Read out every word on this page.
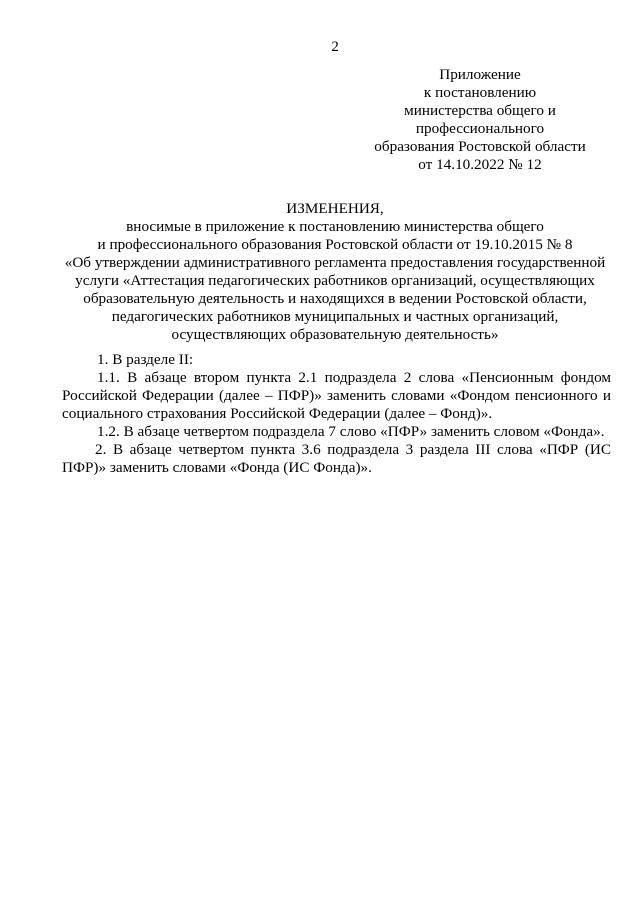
2
Приложение
к постановлению
министерства общего и
профессионального
образования Ростовской области
от 14.10.2022 № 12
ИЗМЕНЕНИЯ,
вносимые в приложение к постановлению министерства общего
и профессионального образования Ростовской области от 19.10.2015 № 8
«Об утверждении административного регламента предоставления государственной
услуги «Аттестация педагогических работников организаций, осуществляющих
образовательную деятельность и находящихся в ведении Ростовской области,
педагогических работников муниципальных и частных организаций,
осуществляющих образовательную деятельность»

1. В разделе II:

1.1. В абзаце втором пункта 2.1 подраздела 2 слова «Пенсионным фондом Российской Федерации (далее – ПФР)» заменить словами «Фондом пенсионного и социального страхования Российской Федерации (далее – Фонд)».

1.2. В абзаце четвертом подраздела 7 слово «ПФР» заменить словом «Фонда».

2. В абзаце четвертом пункта 3.6 подраздела 3 раздела III слова «ПФР (ИС ПФР)» заменить словами «Фонда (ИС Фонда)».
